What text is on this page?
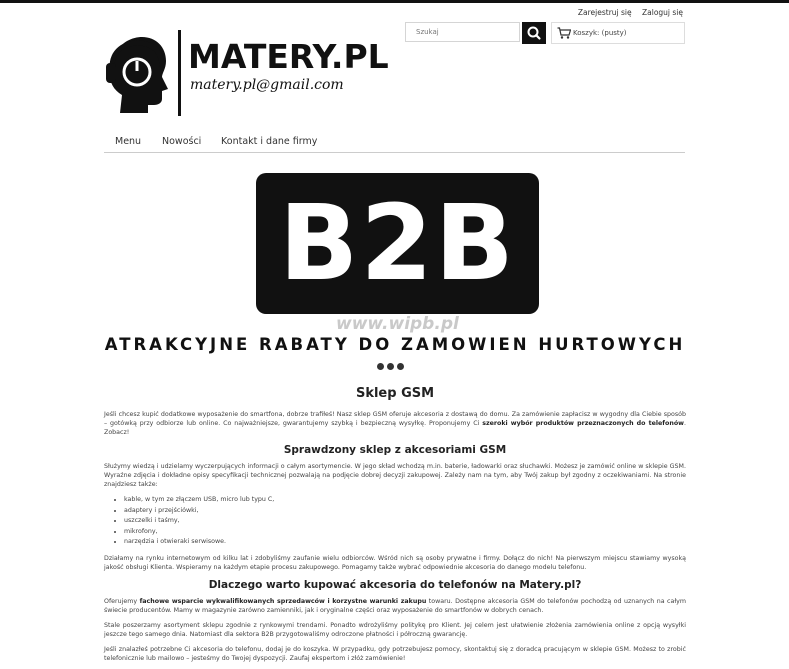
Zarejestruj się Zaloguj się
MATERY.PL
matery.pl@gmail.com
Szukaj
Koszyk: (pusty)
Menu Nowości Kontakt i dane firmy
B2B
www.wipb.pl
ATRAKCYJNE RABATY DO ZAMOWIEN HURTOWYCH
Sklep GSM

Jeśli chcesz kupić dodatkowe wyposażenie do smartfona, dobrze trafiłeś! Nasz sklep GSM oferuje akcesoria z dostawą do domu. Za zamówienie zapłacisz w wygodny dla Ciebie sposób – gotówką przy odbiorze lub online. Co najważniejsze, gwarantujemy szybką i bezpieczną wysyłkę. Proponujemy Ci szeroki wybór produktów przeznaczonych do telefonów. Zobacz!

Sprawdzony sklep z akcesoriami GSM

Służymy wiedzą i udzielamy wyczerpujących informacji o całym asortymencie. W jego skład wchodzą m.in. baterie, ładowarki oraz słuchawki. Możesz je zamówić online w sklepie GSM. Wyraźne zdjęcia i dokładne opisy specyfikacji technicznej pozwalają na podjęcie dobrej decyzji zakupowej. Zależy nam na tym, aby Twój zakup był zgodny z oczekiwaniami. Na stronie znajdziesz także:

• kable, w tym ze złączem USB, micro lub typu C,
• adaptery i przejściówki,
• uszczelki i taśmy,
• mikrofony,
• narzędzia i otwieraki serwisowe.

Działamy na rynku internetowym od kilku lat i zdobyliśmy zaufanie wielu odbiorców. Wśród nich są osoby prywatne i firmy. Dołącz do nich! Na pierwszym miejscu stawiamy wysoką jakość obsługi Klienta. Wspieramy na każdym etapie procesu zakupowego. Pomagamy także wybrać odpowiednie akcesoria do danego modelu telefonu.

Dlaczego warto kupować akcesoria do telefonów na Matery.pl?

Oferujemy fachowe wsparcie wykwalifikowanych sprzedawców i korzystne warunki zakupu towaru. Dostępne akcesoria GSM do telefonów pochodzą od uznanych na całym świecie producentów. Mamy w magazynie zarówno zamienniki, jak i oryginalne części oraz wyposażenie do smartfonów w dobrych cenach.

Stale poszerzamy asortyment sklepu zgodnie z rynkowymi trendami. Ponadto wdrożyliśmy politykę pro Klient. Jej celem jest ułatwienie złożenia zamówienia online z opcją wysyłki jeszcze tego samego dnia. Natomiast dla sektora B2B przygotowaliśmy odroczone płatności i półroczną gwarancję.

Jeśli znalazłeś potrzebne Ci akcesoria do telefonu, dodaj je do koszyka. W przypadku, gdy potrzebujesz pomocy, skontaktuj się z doradcą pracującym w sklepie GSM. Możesz to zrobić telefonicznie lub mailowo – jesteśmy do Twojej dyspozycji. Zaufaj ekspertom i złóż zamówienie!
